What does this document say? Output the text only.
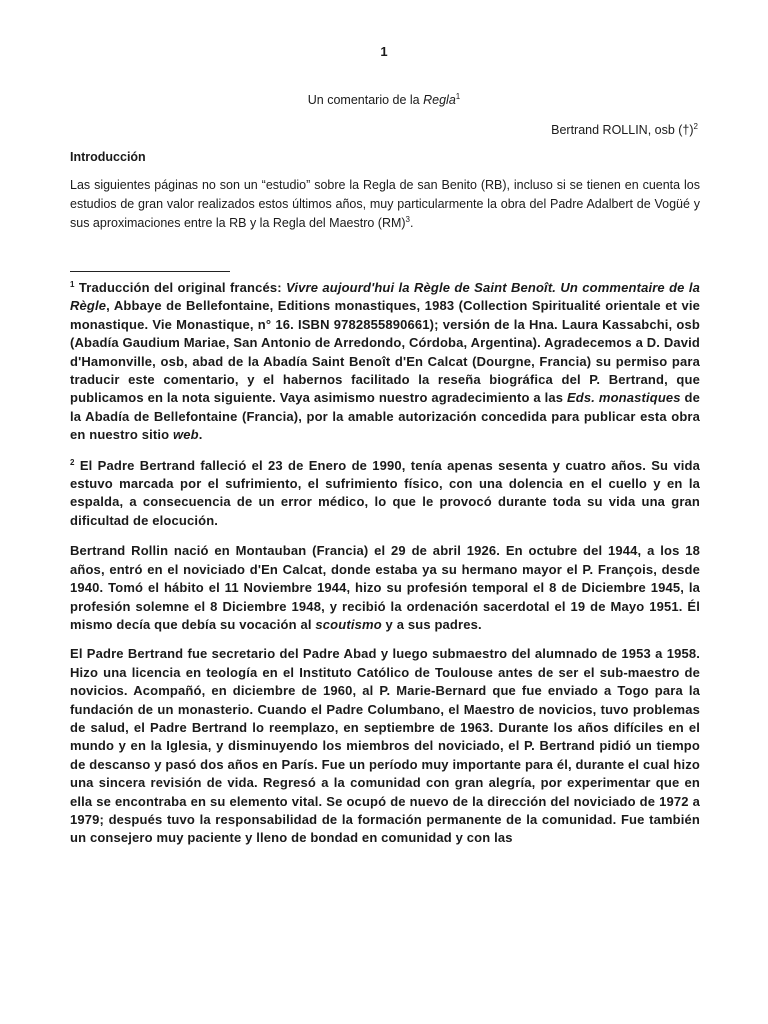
1
Un comentario de la Regla$^1$
Bertrand ROLLIN, osb (†)$^2$
Introducción
Las siguientes páginas no son un “estudio” sobre la Regla de san Benito (RB), incluso si se tienen en cuenta los estudios de gran valor realizados estos últimos años, muy particularmente la obra del Padre Adalbert de Vogüé y sus aproximaciones entre la RB y la Regla del Maestro (RM)$^3$.

$^1$ Traducción del original francés: Vivre aujourd'hui la Règle de Saint Benoît. Un commentaire de la Règle, Abbaye de Bellefontaine, Editions monastiques, 1983 (Collection Spiritualité orientale et vie monastique. Vie Monastique, n° 16. ISBN 9782855890661); versión de la Hna. Laura Kassabchi, osb (Abadía Gaudium Mariae, San Antonio de Arredondo, Córdoba, Argentina). Agradecemos a D. David d'Hamonville, osb, abad de la Abadía Saint Benoît d'En Calcat (Dourgne, Francia) su permiso para traducir este comentario, y el habernos facilitado la reseña biográfica del P. Bertrand, que publicamos en la nota siguiente. Vaya asimismo nuestro agradecimiento a las Eds. monastiques de la Abadía de Bellefontaine (Francia), por la amable autorización concedida para publicar esta obra en nuestro sitio web.

$^2$ El Padre Bertrand falleció el 23 de Enero de 1990, tenía apenas sesenta y cuatro años. Su vida estuvo marcada por el sufrimiento, el sufrimiento físico, con una dolencia en el cuello y en la espalda, a consecuencia de un error médico, lo que le provocó durante toda su vida una gran dificultad de elocución.

Bertrand Rollin nació en Montauban (Francia) el 29 de abril 1926. En octubre del 1944, a los 18 años, entró en el noviciado d'En Calcat, donde estaba ya su hermano mayor el P. François, desde 1940. Tomó el hábito el 11 Noviembre 1944, hizo su profesión temporal el 8 de Diciembre 1945, la profesión solemne el 8 Diciembre 1948, y recibió la ordenación sacerdotal el 19 de Mayo 1951. Él mismo decía que debía su vocación al scoutismo y a sus padres.

El Padre Bertrand fue secretario del Padre Abad y luego submaestro del alumnado de 1953 a 1958. Hizo una licencia en teología en el Instituto Católico de Toulouse antes de ser el sub-maestro de novicios. Acompañó, en diciembre de 1960, al P. Marie-Bernard que fue enviado a Togo para la fundación de un monasterio. Cuando el Padre Columbano, el Maestro de novicios, tuvo problemas de salud, el Padre Bertrand lo reemplazo, en septiembre de 1963. Durante los años difíciles en el mundo y en la Iglesia, y disminuyendo los miembros del noviciado, el P. Bertrand pidió un tiempo de descanso y pasó dos años en París. Fue un período muy importante para él, durante el cual hizo una sincera revisión de vida. Regresó a la comunidad con gran alegría, por experimentar que en ella se encontraba en su elemento vital. Se ocupó de nuevo de la dirección del noviciado de 1972 a 1979; después tuvo la responsabilidad de la formación permanente de la comunidad. Fue también un consejero muy paciente y lleno de bondad en comunidad y con las
